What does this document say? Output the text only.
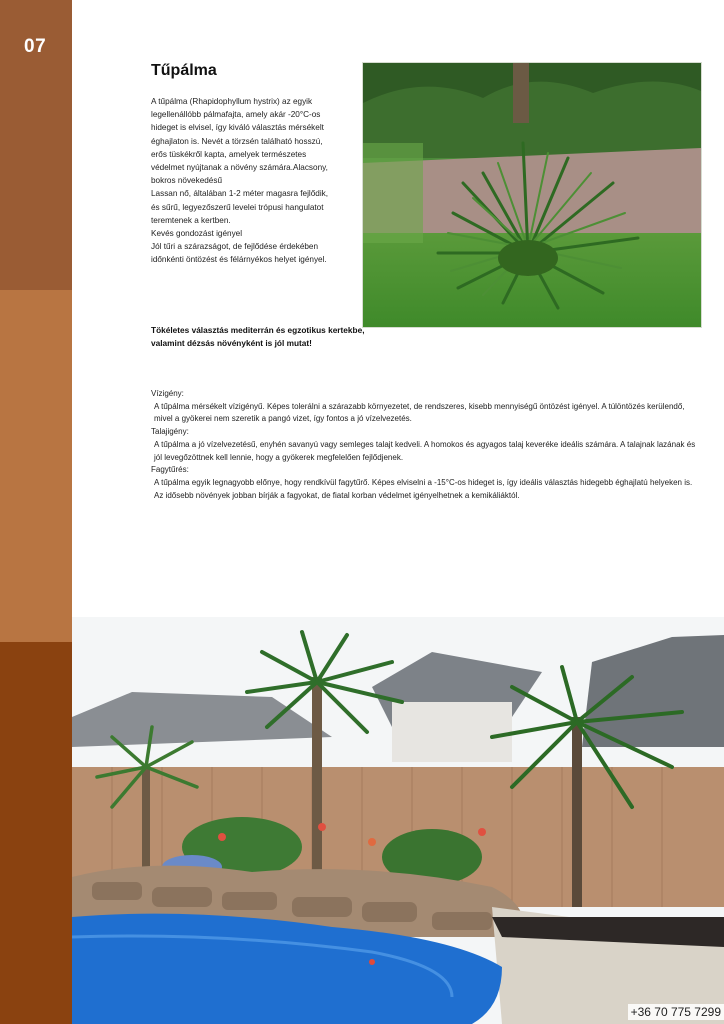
07
Tűpálma

A tűpálma (Rhapidophyllum hystrix) az egyik legellenállóbb pálmafajta, amely akár -20°C-os hideget is elvisel, így kiváló választás mérsékelt éghajlaton is. Nevét a törzsén található hosszú, erős tüskékről kapta, amelyek természetes védelmet nyújtanak a növény számára.Alacsony, bokros növekedésű

Lassan nő, általában 1-2 méter magasra fejlődik, és sűrű, legyezőszerű levelei trópusi hangulatot teremtenek a kertben.

Kevés gondozást igényel

Jól tűri a szárazságot, de fejlődése érdekében időnkénti öntözést és félárnyékos helyet igényel.

Tökéletes választás mediterrán és egzotikus kertekbe, valamint dézsás növényként is jól mutat!

Vízigény:

A tűpálma mérsékelt vízigényű. Képes tolerálni a szárazabb környezetet, de rendszeres, kisebb mennyiségű öntözést igényel. A túlöntözés kerülendő, mivel a gyökerei nem szeretik a pangó vizet, így fontos a jó vízelvezetés.

Talajigény:

A tűpálma a jó vízelvezetésű, enyhén savanyú vagy semleges talajt kedveli. A homokos és agyagos talaj keveréke ideális számára. A talajnak lazának és jól levegőzöttnek kell lennie, hogy a gyökerek megfelelően fejlődjenek.

Fagytűrés:

A tűpálma egyik legnagyobb előnye, hogy rendkívül fagytűrő. Képes elviselni a -15°C-os hideget is, így ideális választás hidegebb éghajlatú helyeken is. Az idősebb növények jobban bírják a fagyokat, de fiatal korban védelmet igényelhetnek a kemikáliáktól.

+36 70 775 7299
